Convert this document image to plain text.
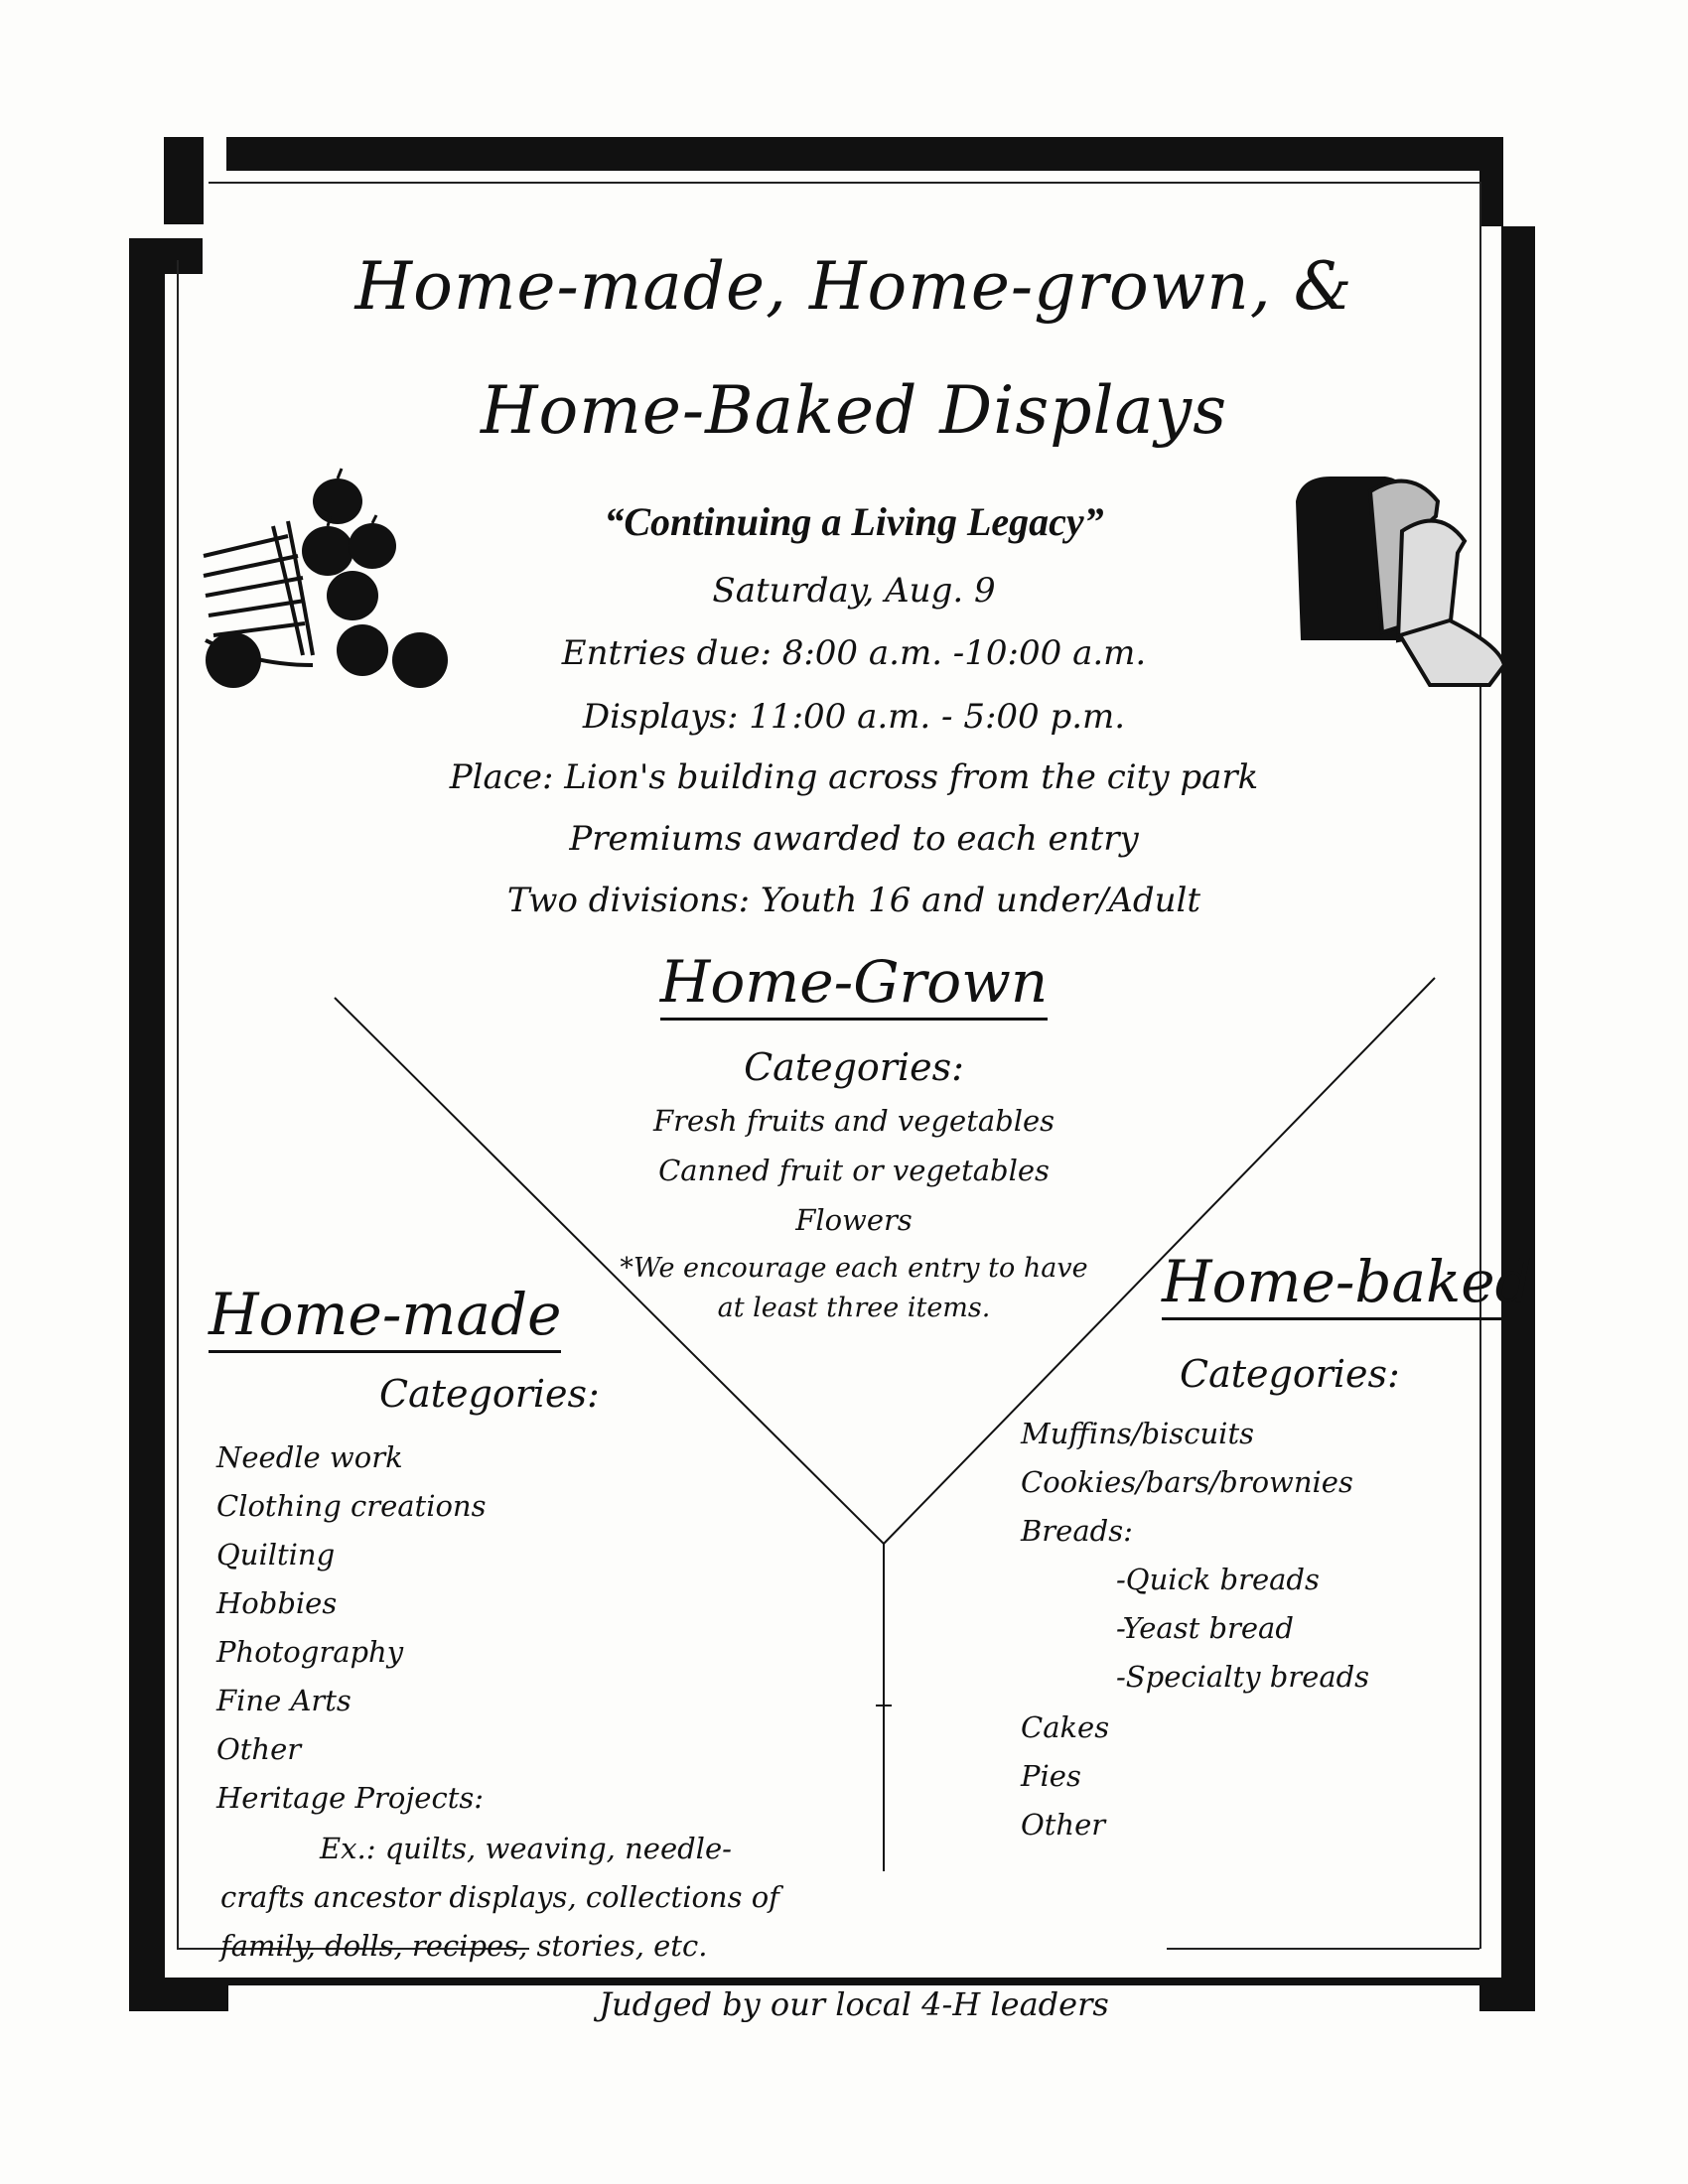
Home-made, Home-grown, &
Home-Baked Displays
“Continuing a Living Legacy”
Saturday, Aug. 9
Entries due: 8:00 a.m. -10:00 a.m.
Displays: 11:00 a.m. - 5:00 p.m.
Place: Lion's building across from the city park
Premiums awarded to each entry
Two divisions: Youth 16 and under/Adult
Home-Grown
Categories:
Fresh fruits and vegetables
Canned fruit or vegetables
Flowers
*We encourage each entry to have
at least three items.
Home-made
Categories:
Needle work
Clothing creations
Quilting
Hobbies
Photography
Fine Arts
Other
Heritage Projects:
Ex.: quilts, weaving, needle-
crafts ancestor displays, collections of
family, dolls, recipes, stories, etc.
Home-baked
Categories:
Muffins/biscuits
Cookies/bars/brownies
Breads:
-Quick breads
-Yeast bread
-Specialty breads
Cakes
Pies
Other
Judged by our local 4-H leaders
